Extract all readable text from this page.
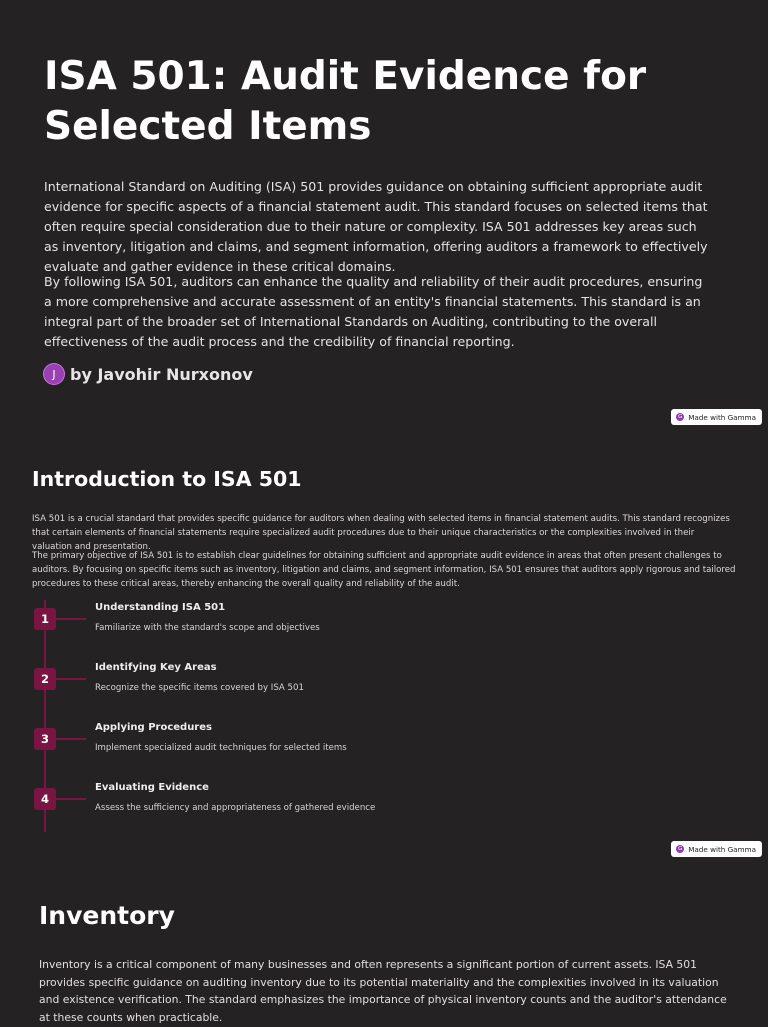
ISA 501: Audit Evidence for Selected Items

International Standard on Auditing (ISA) 501 provides guidance on obtaining sufficient appropriate audit evidence for specific aspects of a financial statement audit. This standard focuses on selected items that often require special consideration due to their nature or complexity. ISA 501 addresses key areas such as inventory, litigation and claims, and segment information, offering auditors a framework to effectively evaluate and gather evidence in these critical domains.

By following ISA 501, auditors can enhance the quality and reliability of their audit procedures, ensuring a more comprehensive and accurate assessment of an entity's financial statements. This standard is an integral part of the broader set of International Standards on Auditing, contributing to the overall effectiveness of the audit process and the credibility of financial reporting.

J by Javohir Nurxonov
G Made with Gamma
Introduction to ISA 501

ISA 501 is a crucial standard that provides specific guidance for auditors when dealing with selected items in financial statement audits. This standard recognizes that certain elements of financial statements require specialized audit procedures due to their unique characteristics or the complexities involved in their valuation and presentation.

The primary objective of ISA 501 is to establish clear guidelines for obtaining sufficient and appropriate audit evidence in areas that often present challenges to auditors. By focusing on specific items such as inventory, litigation and claims, and segment information, ISA 501 ensures that auditors apply rigorous and tailored procedures to these critical areas, thereby enhancing the overall quality and reliability of the audit.

1

Understanding ISA 501

Familiarize with the standard's scope and objectives

2

Identifying Key Areas

Recognize the specific items covered by ISA 501

3

Applying Procedures

Implement specialized audit techniques for selected items

4

Evaluating Evidence

Assess the sufficiency and appropriateness of gathered evidence

G Made with Gamma
Inventory

Inventory is a critical component of many businesses and often represents a significant portion of current assets. ISA 501 provides specific guidance on auditing inventory due to its potential materiality and the complexities involved in its valuation and existence verification. The standard emphasizes the importance of physical inventory counts and the auditor's attendance at these counts when practicable.
